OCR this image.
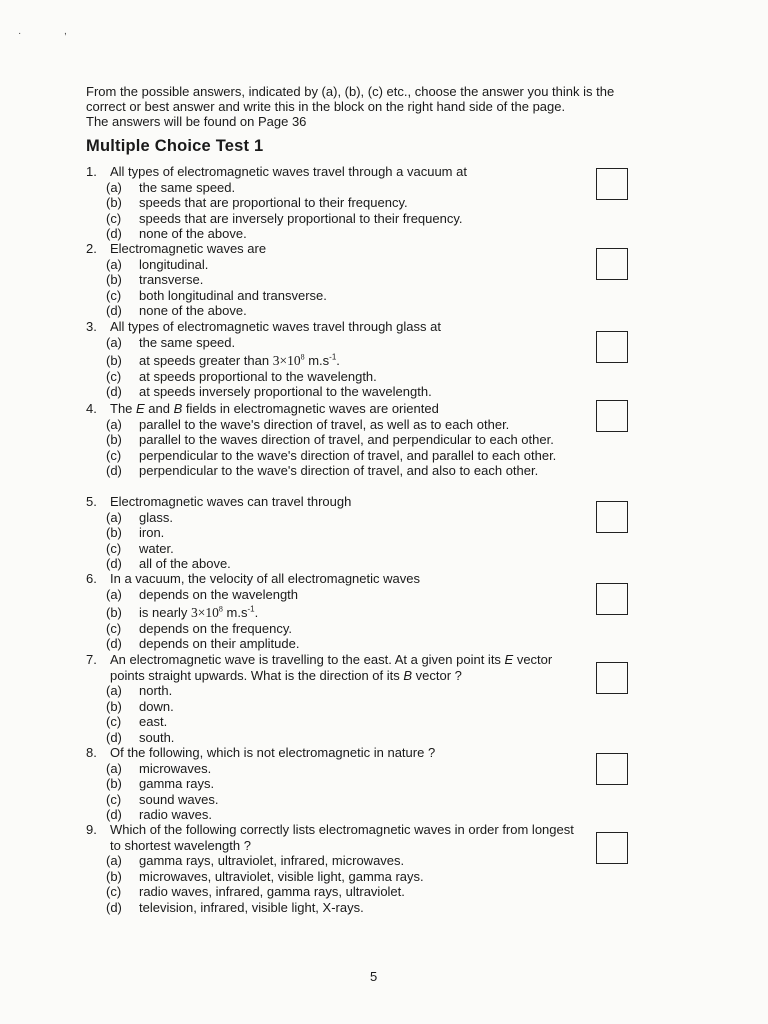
·	,
From the possible answers, indicated by (a), (b), (c) etc., choose the answer you think is the
correct or best answer and write this in the block on the right hand side of the page.
The answers will be found on Page 36
Multiple Choice Test 1
1. All types of electromagnetic waves travel through a vacuum at
(a) the same speed.
(b) speeds that are proportional to their frequency.
(c) speeds that are inversely proportional to their frequency.
(d) none of the above.
2. Electromagnetic waves are
(a) longitudinal.
(b) transverse.
(c) both longitudinal and transverse.
(d) none of the above.
3. All types of electromagnetic waves travel through glass at
(a) the same speed.
(b) at speeds greater than $3\times 10^8$ $m.s^{-1}$.
(c) at speeds proportional to the wavelength.
(d) at speeds inversely proportional to the wavelength.
4. The E and B fields in electromagnetic waves are oriented
(a) parallel to the wave's direction of travel, as well as to each other.
(b) parallel to the waves direction of travel, and perpendicular to each other.
(c) perpendicular to the wave's direction of travel, and parallel to each other.
(d) perpendicular to the wave's direction of travel, and also to each other.
5. Electromagnetic waves can travel through
(a) glass.
(b) iron.
(c) water.
(d) all of the above.
6. In a vacuum, the velocity of all electromagnetic waves
(a) depends on the wavelength
(b) is nearly $3\times 10^8$ $m.s^{-1}$.
(c) depends on the frequency.
(d) depends on their amplitude.
7. An electromagnetic wave is travelling to the east. At a given point its E vector points straight upwards. What is the direction of its B vector ?
(a) north.
(b) down.
(c) east.
(d) south.
8. Of the following, which is not electromagnetic in nature ?
(a) microwaves.
(b) gamma rays.
(c) sound waves.
(d) radio waves.
9. Which of the following correctly lists electromagnetic waves in order from longest to shortest wavelength ?
(a) gamma rays, ultraviolet, infrared, microwaves.
(b) microwaves, ultraviolet, visible light, gamma rays.
(c) radio waves, infrared, gamma rays, ultraviolet.
(d) television, infrared, visible light, X-rays.
5
